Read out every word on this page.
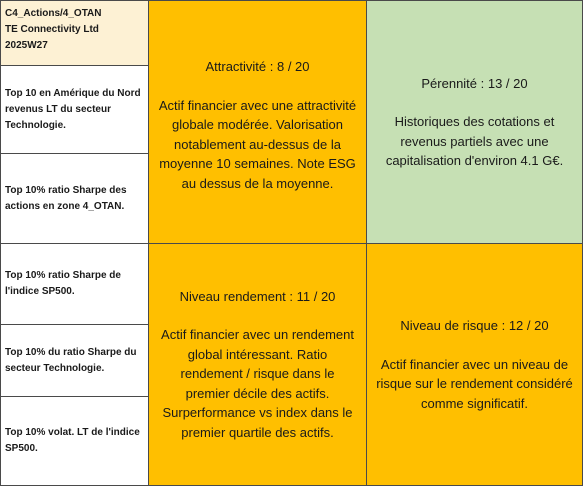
C4_Actions/4_OTAN
TE Connectivity Ltd
2025W27
Top 10 en Amérique du Nord revenus LT du secteur Technologie.
Top 10% ratio Sharpe des actions en zone 4_OTAN.
Top 10% ratio Sharpe de l'indice SP500.
Top 10% du ratio Sharpe du secteur Technologie.
Top 10% volat. LT de l'indice SP500.
Attractivité : 8 / 20
Actif financier avec une attractivité globale modérée. Valorisation notablement au-dessus de la moyenne 10 semaines. Note ESG au dessus de la moyenne.
Pérennité : 13 / 20
Historiques des cotations et revenus partiels avec une capitalisation d'environ 4.1 G€.
Niveau rendement : 11 / 20
Actif financier avec un rendement global intéressant. Ratio rendement / risque dans le premier décile des actifs. Surperformance vs index dans le premier quartile des actifs.
Niveau de risque : 12 / 20
Actif financier avec un niveau de risque sur le rendement considéré comme significatif.
